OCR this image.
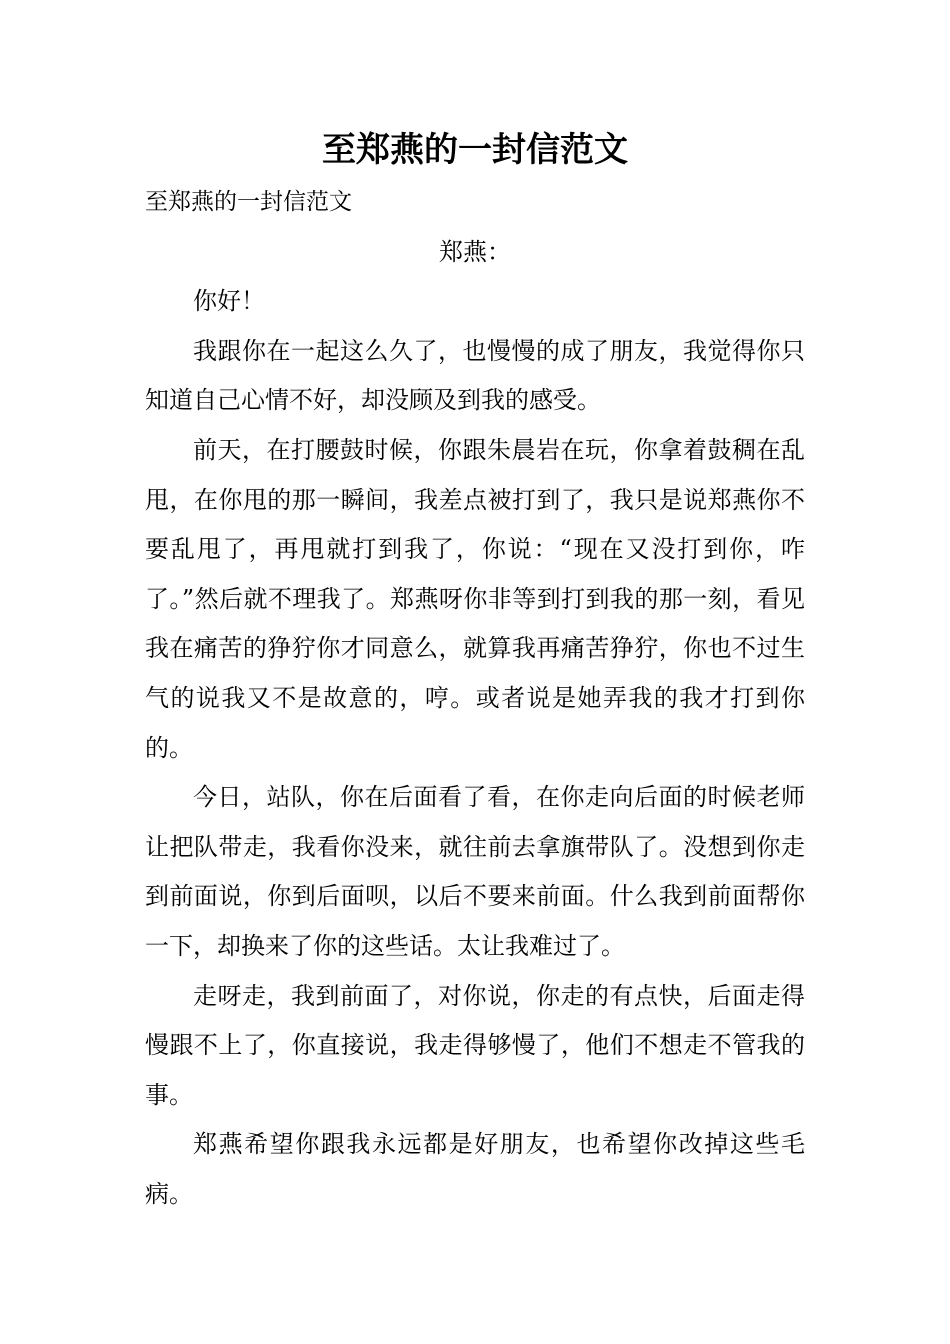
至郑燕的一封信范文

至郑燕的一封信范文

郑燕：

你好！

我跟你在一起这么久了，也慢慢的成了朋友，我觉得你只知道自己心情不好，却没顾及到我的感受。

前天，在打腰鼓时候，你跟朱晨岩在玩，你拿着鼓稠在乱甩，在你甩的那一瞬间，我差点被打到了，我只是说郑燕你不要乱甩了，再甩就打到我了，你说：“现在又没打到你，咋了。”然后就不理我了。郑燕呀你非等到打到我的那一刻，看见我在痛苦的狰狞你才同意么，就算我再痛苦狰狞，你也不过生气的说我又不是故意的，哼。或者说是她弄我的我才打到你的。

今日，站队，你在后面看了看，在你走向后面的时候老师让把队带走，我看你没来，就往前去拿旗带队了。没想到你走到前面说，你到后面呗，以后不要来前面。什么我到前面帮你一下，却换来了你的这些话。太让我难过了。

走呀走，我到前面了，对你说，你走的有点快，后面走得慢跟不上了，你直接说，我走得够慢了，他们不想走不管我的事。

郑燕希望你跟我永远都是好朋友，也希望你改掉这些毛病。
